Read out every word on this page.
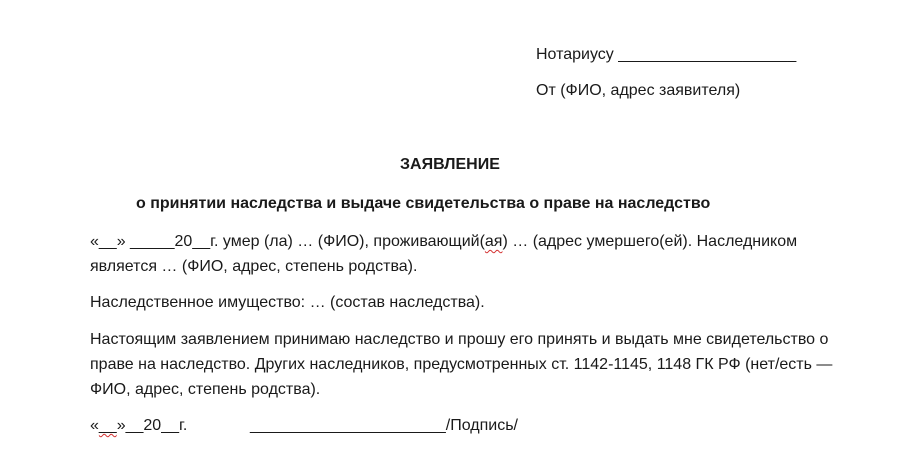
Нотариусу ____________________
От (ФИО, адрес заявителя)
ЗАЯВЛЕНИЕ
о принятии наследства и выдаче свидетельства о праве на наследство
«__» _____20__г. умер (ла) … (ФИО), проживающий(ая) … (адрес умершего(ей). Наследником
является … (ФИО, адрес, степень родства).
Наследственное имущество: … (состав наследства).
Настоящим заявлением принимаю наследство и прошу его принять и выдать мне свидетельство о
праве на наследство. Других наследников, предусмотренных ст. 1142-1145, 1148 ГК РФ (нет/есть —
ФИО, адрес, степень родства).
«__»__20__г.	______________________/Подпись/
